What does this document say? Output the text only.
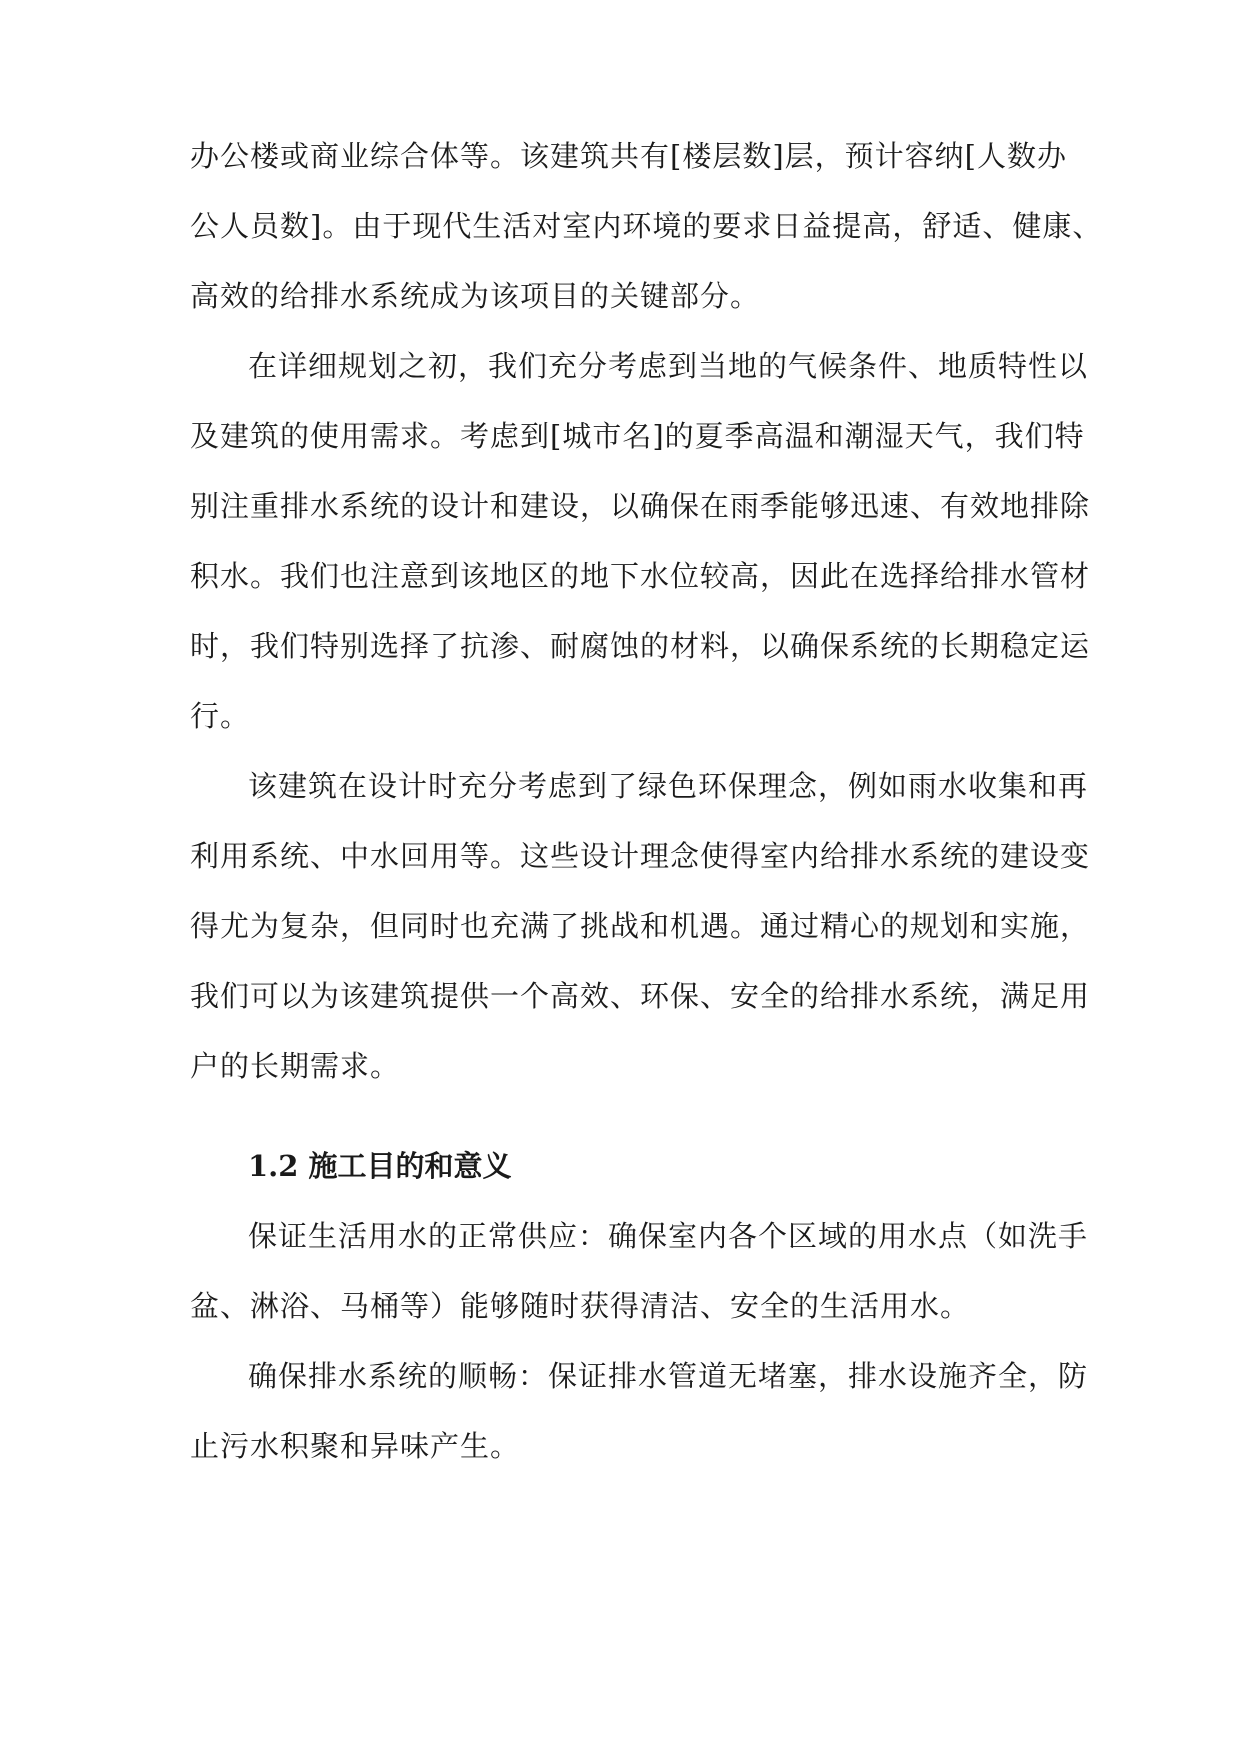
办公楼或商业综合体等。该建筑共有[楼层数]层，预计容纳[人数办
公人员数]。由于现代生活对室内环境的要求日益提高，舒适、健康、
高效的给排水系统成为该项目的关键部分。
在详细规划之初，我们充分考虑到当地的气候条件、地质特性以
及建筑的使用需求。考虑到[城市名]的夏季高温和潮湿天气，我们特
别注重排水系统的设计和建设，以确保在雨季能够迅速、有效地排除
积水。我们也注意到该地区的地下水位较高，因此在选择给排水管材
时，我们特别选择了抗渗、耐腐蚀的材料，以确保系统的长期稳定运
行。
该建筑在设计时充分考虑到了绿色环保理念，例如雨水收集和再
利用系统、中水回用等。这些设计理念使得室内给排水系统的建设变
得尤为复杂，但同时也充满了挑战和机遇。通过精心的规划和实施，
我们可以为该建筑提供一个高效、环保、安全的给排水系统，满足用
户的长期需求。
1.2 施工目的和意义
保证生活用水的正常供应：确保室内各个区域的用水点（如洗手
盆、淋浴、马桶等）能够随时获得清洁、安全的生活用水。
确保排水系统的顺畅：保证排水管道无堵塞，排水设施齐全，防
止污水积聚和异味产生。
